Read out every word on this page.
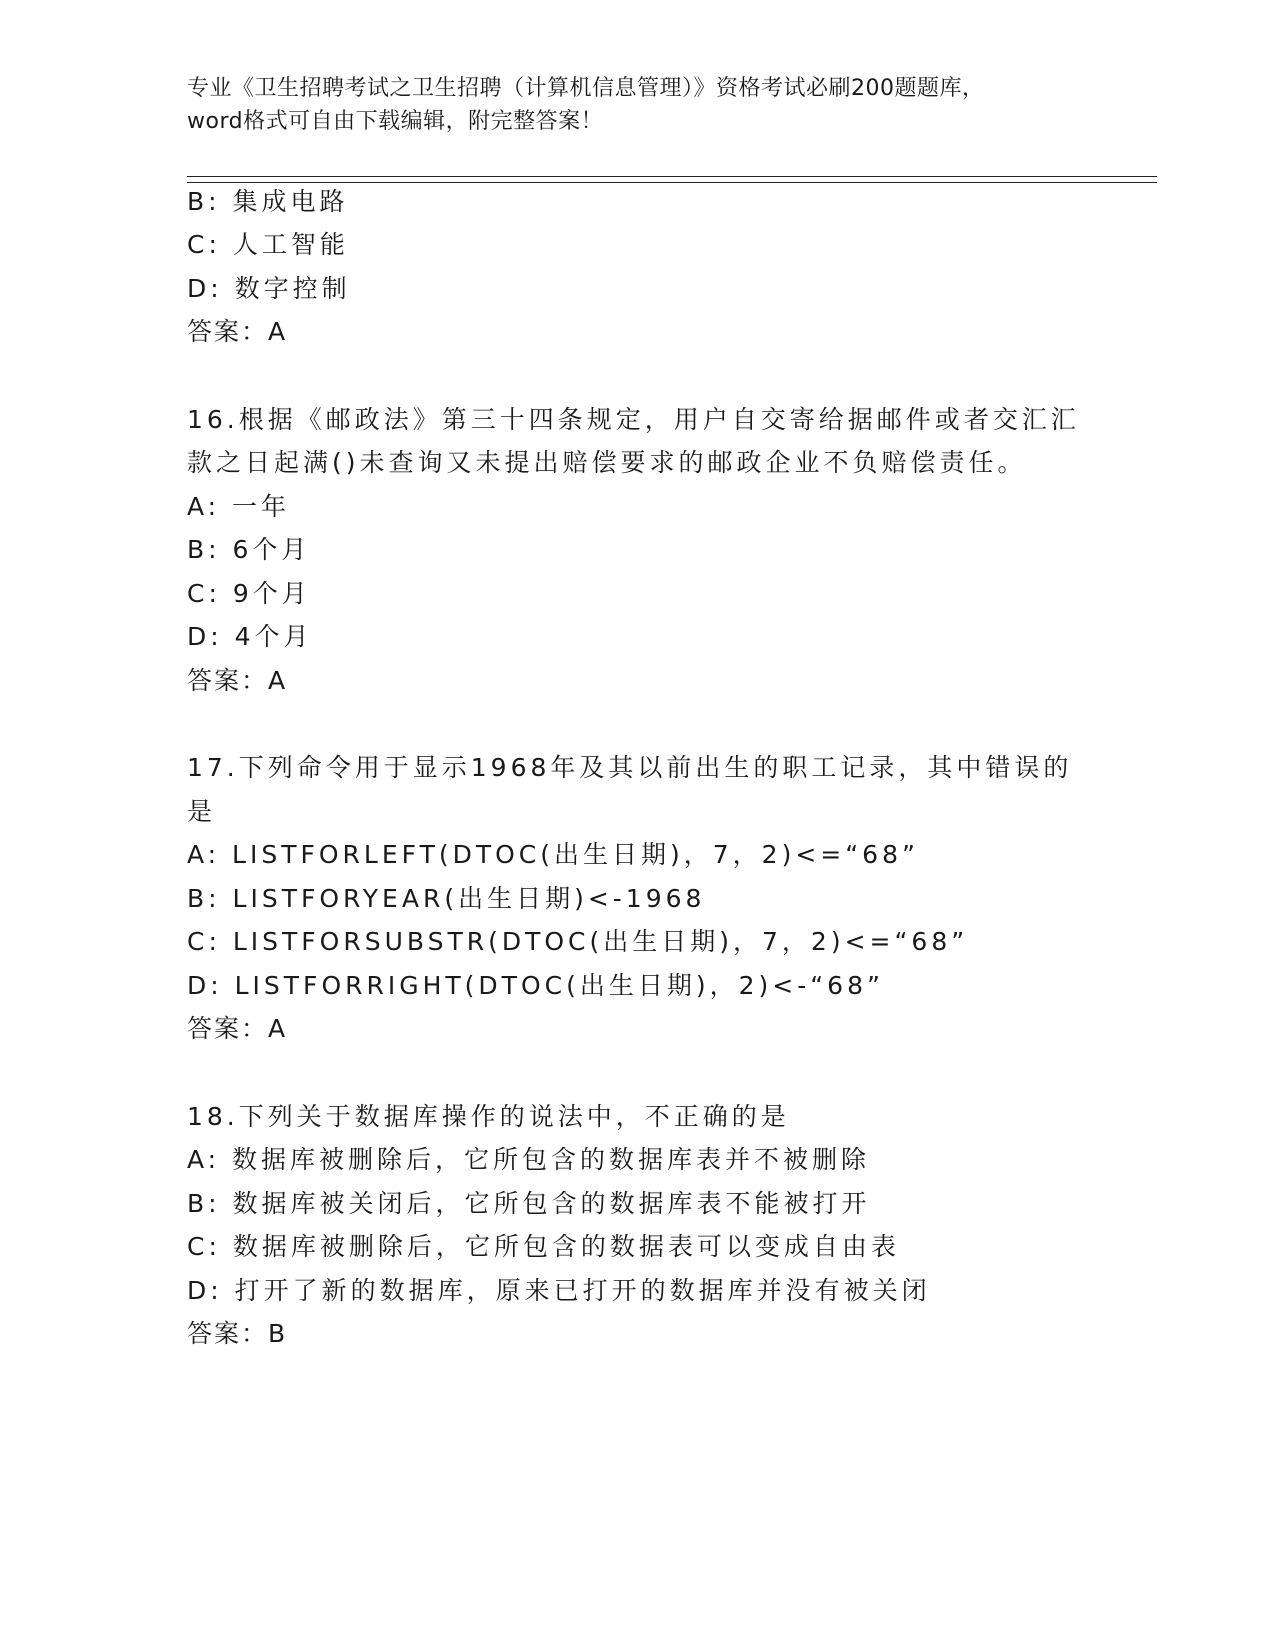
专业《卫生招聘考试之卫生招聘（计算机信息管理）》资格考试必刷200题题库，
word格式可自由下载编辑，附完整答案！
B: 集成电路
C: 人工智能
D: 数字控制
答案：A
16.根据《邮政法》第三十四条规定，用户自交寄给据邮件或者交汇汇
款之日起满()未查询又未提出赔偿要求的邮政企业不负赔偿责任。
A: 一年
B: 6个月
C: 9个月
D: 4个月
答案：A
17.下列命令用于显示1968年及其以前出生的职工记录，其中错误的
是
A: LISTFORLEFT(DTOC(出生日期)，7，2)<=“68”
B: LISTFORYEAR(出生日期)<-1968
C: LISTFORSUBSTR(DTOC(出生日期)，7，2)<=“68”
D: LISTFORRIGHT(DTOC(出生日期)，2)<-“68”
答案：A
18.下列关于数据库操作的说法中，不正确的是
A: 数据库被删除后，它所包含的数据库表并不被删除
B: 数据库被关闭后，它所包含的数据库表不能被打开
C: 数据库被删除后，它所包含的数据表可以变成自由表
D: 打开了新的数据库，原来已打开的数据库并没有被关闭
答案：B
